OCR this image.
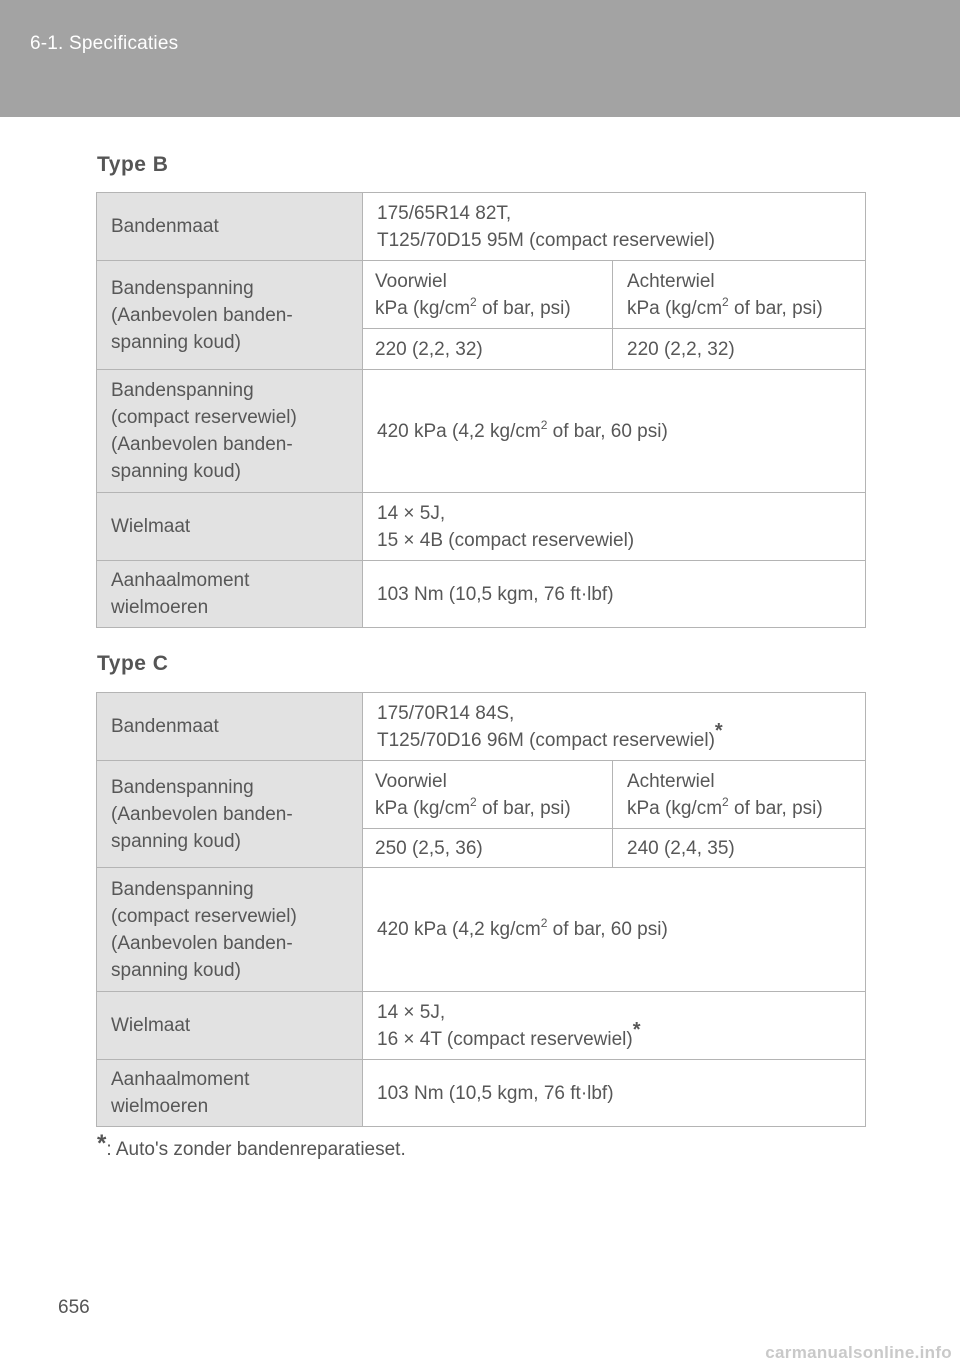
6-1. Specificaties
Type B
Bandenmaat	175/65R14 82T,
T125/70D15 95M (compact reservewiel)	

Bandenspanning
(Aanbevolen banden-
spanning koud)	Voorwiel
kPa ($kg/cm^2$ of bar, psi)	Achterwiel
kPa ($kg/cm^2$ of bar, psi)

	220 (2,2, 32)	220 (2,2, 32)

Bandenspanning
(compact reservewiel)
(Aanbevolen banden-
spanning koud)	420 kPa (4,2 $kg/cm^2$ of bar, 60 psi)	
Wielmaat	14 × 5J,
15 × 4B (compact reservewiel)	

Aanhaalmoment
wielmoeren	103 Nm (10,5 kgm, 76 ft·lbf)	
Type C
Bandenmaat	175/70R14 84S,
T125/70D16 96M (compact reservewiel)*	

Bandenspanning
(Aanbevolen banden-
spanning koud)	Voorwiel
kPa ($kg/cm^2$ of bar, psi)	Achterwiel
kPa ($kg/cm^2$ of bar, psi)

	250 (2,5, 36)	240 (2,4, 35)

Bandenspanning
(compact reservewiel)
(Aanbevolen banden-
spanning koud)	420 kPa (4,2 $kg/cm^2$ of bar, 60 psi)	
Wielmaat	14 × 5J,
16 × 4T (compact reservewiel)*	

Aanhaalmoment
wielmoeren	103 Nm (10,5 kgm, 76 ft·lbf)	
*: Auto's zonder bandenreparatieset.
656
carmanualsonline.info
